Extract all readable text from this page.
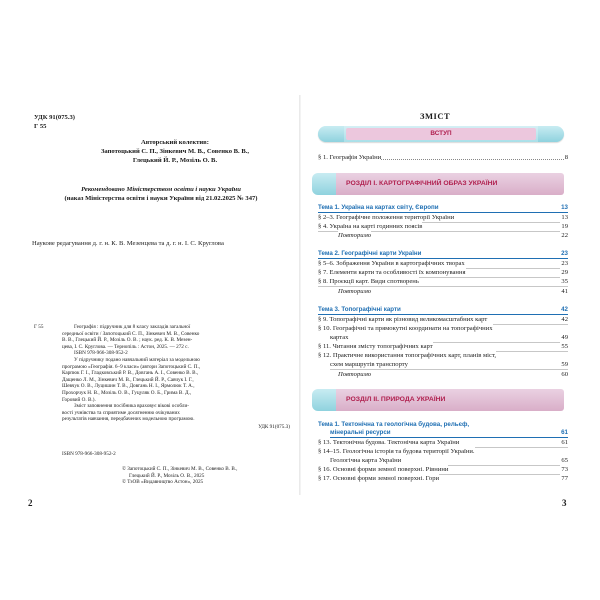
УДК 91(075.3)
Г 55
Авторський колектив:
Запотоцький С. П., Зінкевич М. В., Совенко В. В.,
Глецький Й. Р., Мозіль О. В.
Рекомендовано Міністерством освіти і науки України
(наказ Міністерства освіти і науки України від 21.02.2025 № 347)
Наукове редагування д. г. н. К. В. Мезенцева та д. г. н. І. С. Круглова
Г 55	Географія : підручник для 8 класу закладів загальної
середньої освіти / Запотоцький С. П., Зінкевич М. В., Совенко
В. В., Глецький Й. Р., Мозіль О. В. ; наук. ред. К. В. Мезен-
цева, І. С. Круглова. — Тернопіль : Астон, 2025. — 272 с.
ISBN 978-966-308-952-2
У підручнику подано навчальний матеріал за модельною
програмою «Географія. 6–9 класи» (автори Запотоцький С. П.,
Карпюк Г. І., Гладковський Р. В., Довгань А. І., Совенко В. В.,
Дащенко Л. М., Зінкевич М. В., Глецький Й. Р., Савчук І. Г.,
Шевчук О. В., Луцишин Т. В., Довгань Н. І., Ярмолюк Т. А.,
Прохорчук Н. В., Мозіль О. В., Гуцуляк О. Б., Грима В. Д.,
Горовий О. В.).
Зміст заповнення посібника враховує вікові особли-
вості учнівства та сприятиме досягненню очікуваних
результатів навчання, передбачених модельною програмою.
УДК 91(075.3)
ISBN 978-966-308-952-2
© Запотоцький С. П., Зінкевич М. В., Совенко В. В.,
Глецький Й. Р., Мозіль О. В., 2025
© ТзОВ «Видавництво Астон», 2025
2
ЗМІСТ
ВСТУП
§ 1. Географія України	8
РОЗДІЛ І. КАРТОГРАФІЧНИЙ ОБРАЗ УКРАЇНИ
Тема 1. Україна на картах світу, Європи	13
§ 2–3. Географічне положення території України	13
§ 4. Україна на карті годинних поясів	19
Повторимо	22
Тема 2. Географічні карти України	23
§ 5–6. Зображення України в картографічних творах	23
§ 7. Елементи карти та особливості їх компонування	29
§ 8. Проєкції карт. Види спотворень	35
Повторимо	41
Тема 3. Топографічні карти	42
§ 9. Топографічні карти як різновид великомасштабних карт	42
§ 10. Географічні та прямокутні координати на топографічних
картах	49
§ 11. Читання змісту топографічних карт	55
§ 12. Практичне використання топографічних карт, планів міст,
схем маршрутів транспорту	59
Повторимо	60
РОЗДІЛ ІІ. ПРИРОДА УКРАЇНИ
Тема 1. Тектонічна та геологічна будова, рельєф,
мінеральні ресурси	61
§ 13. Тектонічна будова. Тектонічна карта України	61
§ 14–15. Геологічна історія та будова території України.
Геологічна карта України	65
§ 16. Основні форми земної поверхні. Рівнини	73
§ 17. Основні форми земної поверхні. Гори	77
3
